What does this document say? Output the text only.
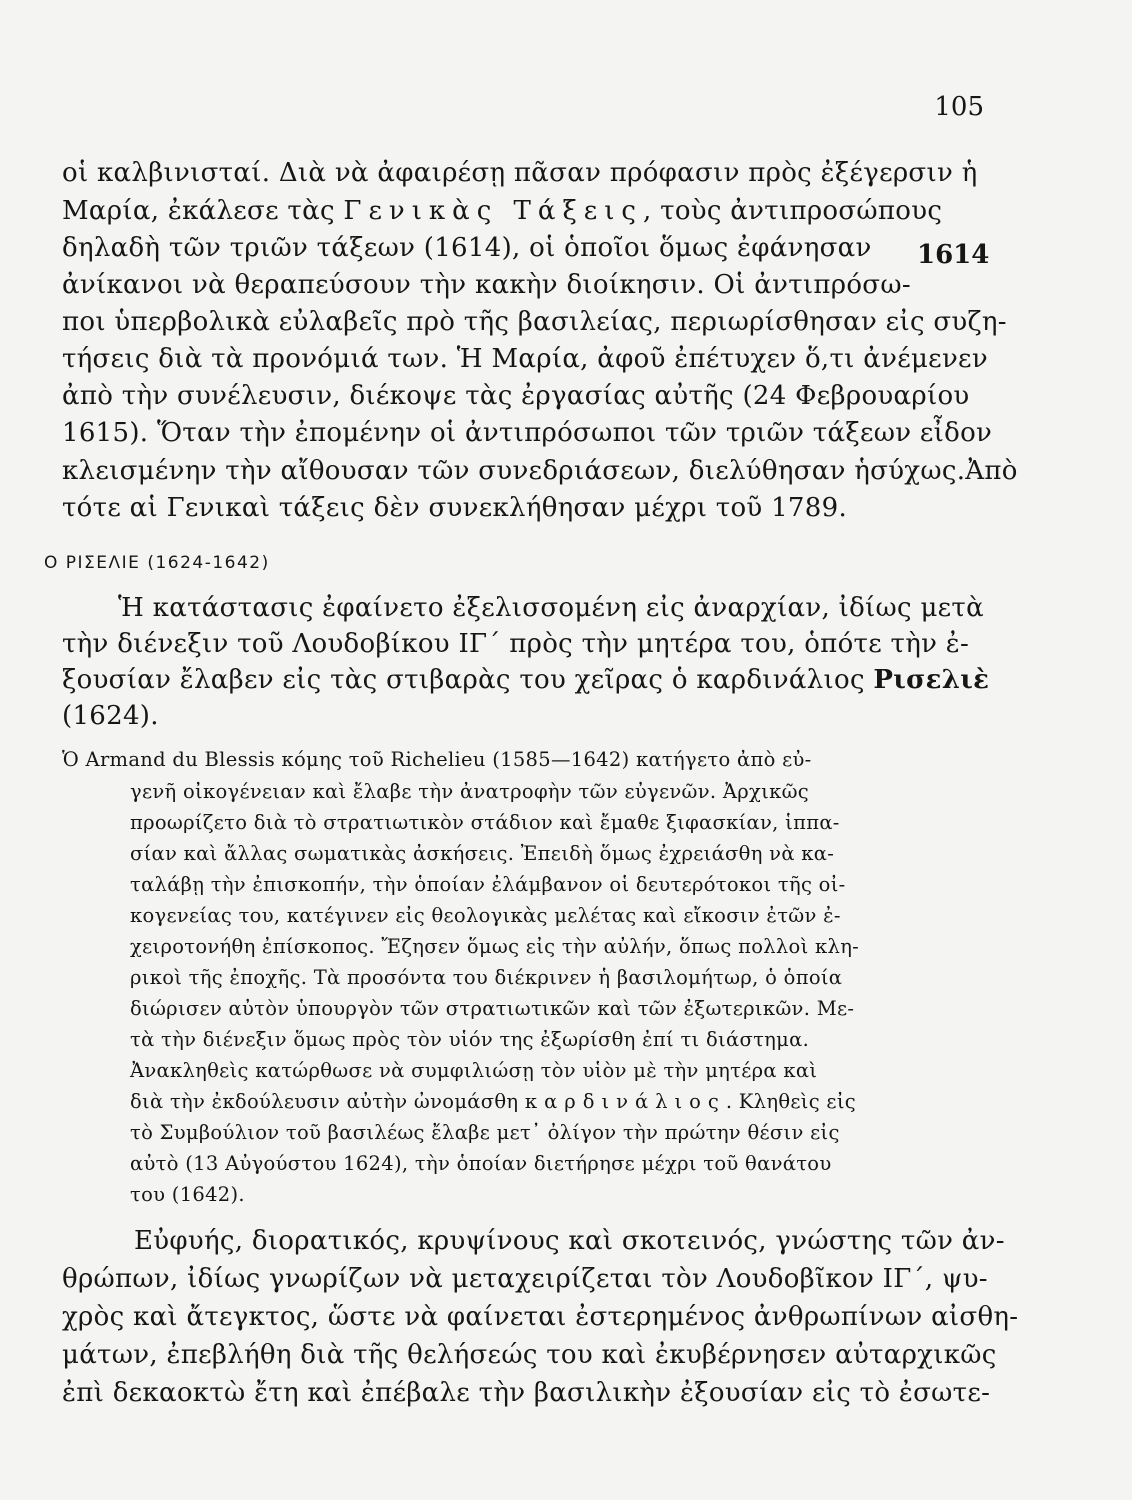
105
1614
οἱ καλβινισταί. Διὰ νὰ ἀφαιρέσῃ πᾶσαν πρόφασιν πρὸς ἐξέγερσιν ἡ
Μαρία, ἐκάλεσε τὰς Γενικὰς Τάξεις, τοὺς ἀντιπροσώπους
δηλαδὴ τῶν τριῶν τάξεων (1614), οἱ ὁποῖοι ὅμως ἐφάνησαν
ἀνίκανοι νὰ θεραπεύσουν τὴν κακὴν διοίκησιν. Οἱ ἀντιπρόσω-
ποι ὑπερβολικὰ εὐλαβεῖς πρὸ τῆς βασιλείας, περιωρίσθησαν εἰς συζη-
τήσεις διὰ τὰ προνόμιά των. Ἡ Μαρία, ἀφοῦ ἐπέτυχεν ὅ,τι ἀνέμενεν
ἀπὸ τὴν συνέλευσιν, διέκοψε τὰς ἐργασίας αὐτῆς (24 Φεβρουαρίου
1615). Ὅταν τὴν ἐπομένην οἱ ἀντιπρόσωποι τῶν τριῶν τάξεων εἶδον
κλεισμένην τὴν αἴθουσαν τῶν συνεδριάσεων, διελύθησαν ἡσύχως.Ἀπὸ
τότε αἱ Γενικαὶ τάξεις δὲν συνεκλήθησαν μέχρι τοῦ 1789.
Ο ΡΙΣΕΛΙΕ (1624-1642)
Ἡ κατάστασις ἐφαίνετο ἐξελισσομένη εἰς ἀναρχίαν, ἰδίως μετὰ
τὴν διένεξιν τοῦ Λουδοβίκου ΙΓ΄ πρὸς τὴν μητέρα του, ὁπότε τὴν ἐ-
ξουσίαν ἔλαβεν εἰς τὰς στιβαρὰς του χεῖρας ὁ καρδινάλιος Ρισελιὲ
(1624).
Ὁ Armand du Blessis κόμης τοῦ Richelieu (1585—1642) κατήγετο ἀπὸ εὐ-
γενῆ οἰκογένειαν καὶ ἔλαβε τὴν ἀνατροφὴν τῶν εὐγενῶν. Ἀρχικῶς
προωρίζετο διὰ τὸ στρατιωτικὸν στάδιον καὶ ἔμαθε ξιφασκίαν, ἱππα-
σίαν καὶ ἄλλας σωματικὰς ἀσκήσεις. Ἐπειδὴ ὅμως ἐχρειάσθη νὰ κα-
ταλάβῃ τὴν ἐπισκοπήν, τὴν ὁποίαν ἐλάμβανον οἱ δευτερότοκοι τῆς οἰ-
κογενείας του, κατέγινεν εἰς θεολογικὰς μελέτας καὶ εἴκοσιν ἐτῶν ἐ-
χειροτονήθη ἐπίσκοπος. Ἔζησεν ὅμως εἰς τὴν αὐλήν, ὅπως πολλοὶ κλη-
ρικοὶ τῆς ἐποχῆς. Τὰ προσόντα του διέκρινεν ἡ βασιλομήτωρ, ὁ ὁποία
διώρισεν αὐτὸν ὑπουργὸν τῶν στρατιωτικῶν καὶ τῶν ἐξωτερικῶν. Με-
τὰ τὴν διένεξιν ὅμως πρὸς τὸν υἱόν της ἐξωρίσθη ἐπί τι διάστημα.
Ἀνακληθεὶς κατώρθωσε νὰ συμφιλιώσῃ τὸν υἱὸν μὲ τὴν μητέρα καὶ
διὰ τὴν ἐκδούλευσιν αὐτὴν ὠνομάσθη καρδινάλιος. Κληθεὶς εἰς
τὸ Συμβούλιον τοῦ βασιλέως ἔλαβε μετ᾽ ὀλίγον τὴν πρώτην θέσιν εἰς
αὐτὸ (13 Αὐγούστου 1624), τὴν ὁποίαν διετήρησε μέχρι τοῦ θανάτου
του (1642).
Εὐφυής, διορατικός, κρυψίνους καὶ σκοτεινός, γνώστης τῶν ἀν-
θρώπων, ἰδίως γνωρίζων νὰ μεταχειρίζεται τὸν Λουδοβῖκον ΙΓ΄, ψυ-
χρὸς καὶ ἄτεγκτος, ὥστε νὰ φαίνεται ἐστερημένος ἀνθρωπίνων αἰσθη-
μάτων, ἐπεβλήθη διὰ τῆς θελήσεώς του καὶ ἐκυβέρνησεν αὐταρχικῶς
ἐπὶ δεκαοκτὼ ἔτη καὶ ἐπέβαλε τὴν βασιλικὴν ἐξουσίαν εἰς τὸ ἐσωτε-
